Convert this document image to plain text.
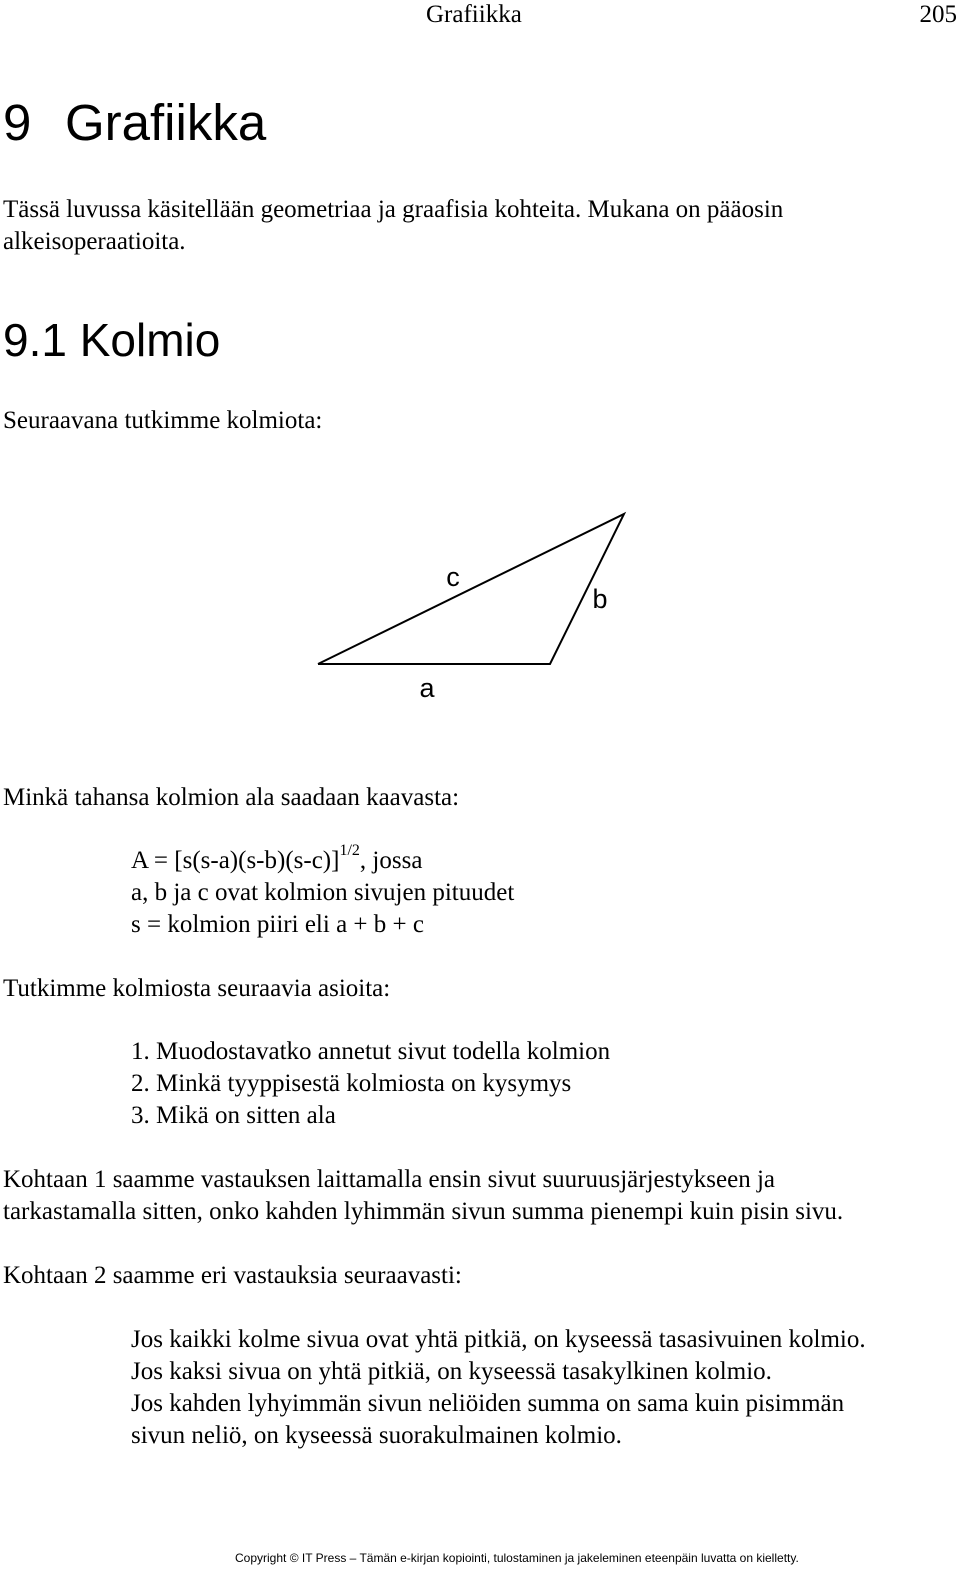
Grafiikka	205
9 Grafiikka
Tässä luvussa käsitellään geometriaa ja graafisia kohteita. Mukana on pääosin alkeisoperaatioita.
9.1 Kolmio
Seuraavana tutkimme kolmiota:
c
b
a
Minkä tahansa kolmion ala saadaan kaavasta:
$A = [s(s-a)(s-b)(s-c)]^{1/2}$, jossa
a, b ja c ovat kolmion sivujen pituudet
s = kolmion piiri eli a + b + c
Tutkimme kolmiosta seuraavia asioita:
1. Muodostavatko annetut sivut todella kolmion
2. Minkä tyyppisestä kolmiosta on kysymys
3. Mikä on sitten ala
Kohtaan 1 saamme vastauksen laittamalla ensin sivut suuruusjärjestykseen ja
tarkastamalla sitten, onko kahden lyhimmän sivun summa pienempi kuin pisin sivu.
Kohtaan 2 saamme eri vastauksia seuraavasti:
Jos kaikki kolme sivua ovat yhtä pitkiä, on kyseessä tasasivuinen kolmio.
Jos kaksi sivua on yhtä pitkiä, on kyseessä tasakylkinen kolmio.
Jos kahden lyhyimmän sivun neliöiden summa on sama kuin pisimmän
sivun neliö, on kyseessä suorakulmainen kolmio.
Copyright © IT Press – Tämän e-kirjan kopiointi, tulostaminen ja jakeleminen eteenpäin luvatta on kielletty.
